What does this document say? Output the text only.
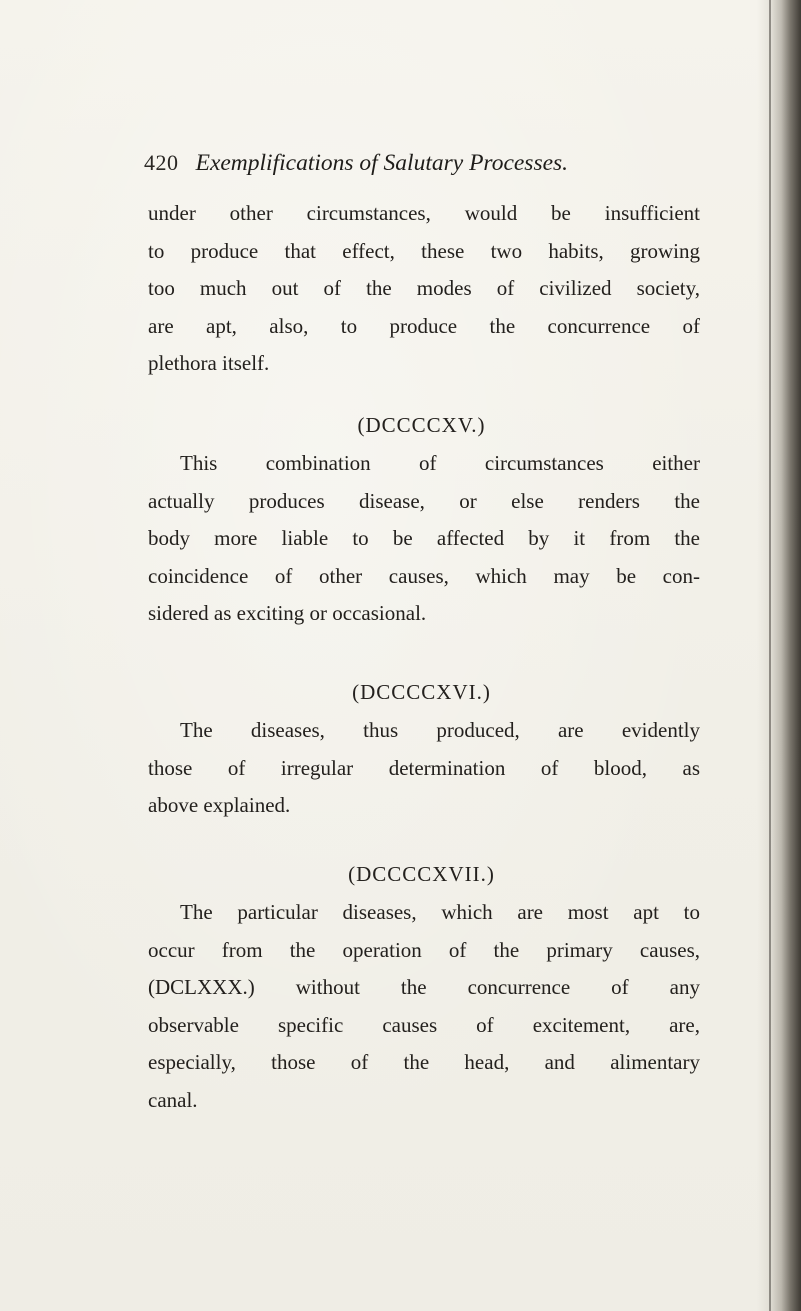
420 Exemplifications of Salutary Processes.
under other circumstances, would be insufficient
to produce that effect, these two habits, growing
too much out of the modes of civilized society,
are apt, also, to produce the concurrence of
plethora itself.
(DCCCCXV.)
This combination of circumstances either
actually produces disease, or else renders the
body more liable to be affected by it from the
coincidence of other causes, which may be con-
sidered as exciting or occasional.
(DCCCCXVI.)
The diseases, thus produced, are evidently
those of irregular determination of blood, as
above explained.
(DCCCCXVII.)
The particular diseases, which are most apt to
occur from the operation of the primary causes,
(DCLXXX.) without the concurrence of any
observable specific causes of excitement, are,
especially, those of the head, and alimentary
canal.
